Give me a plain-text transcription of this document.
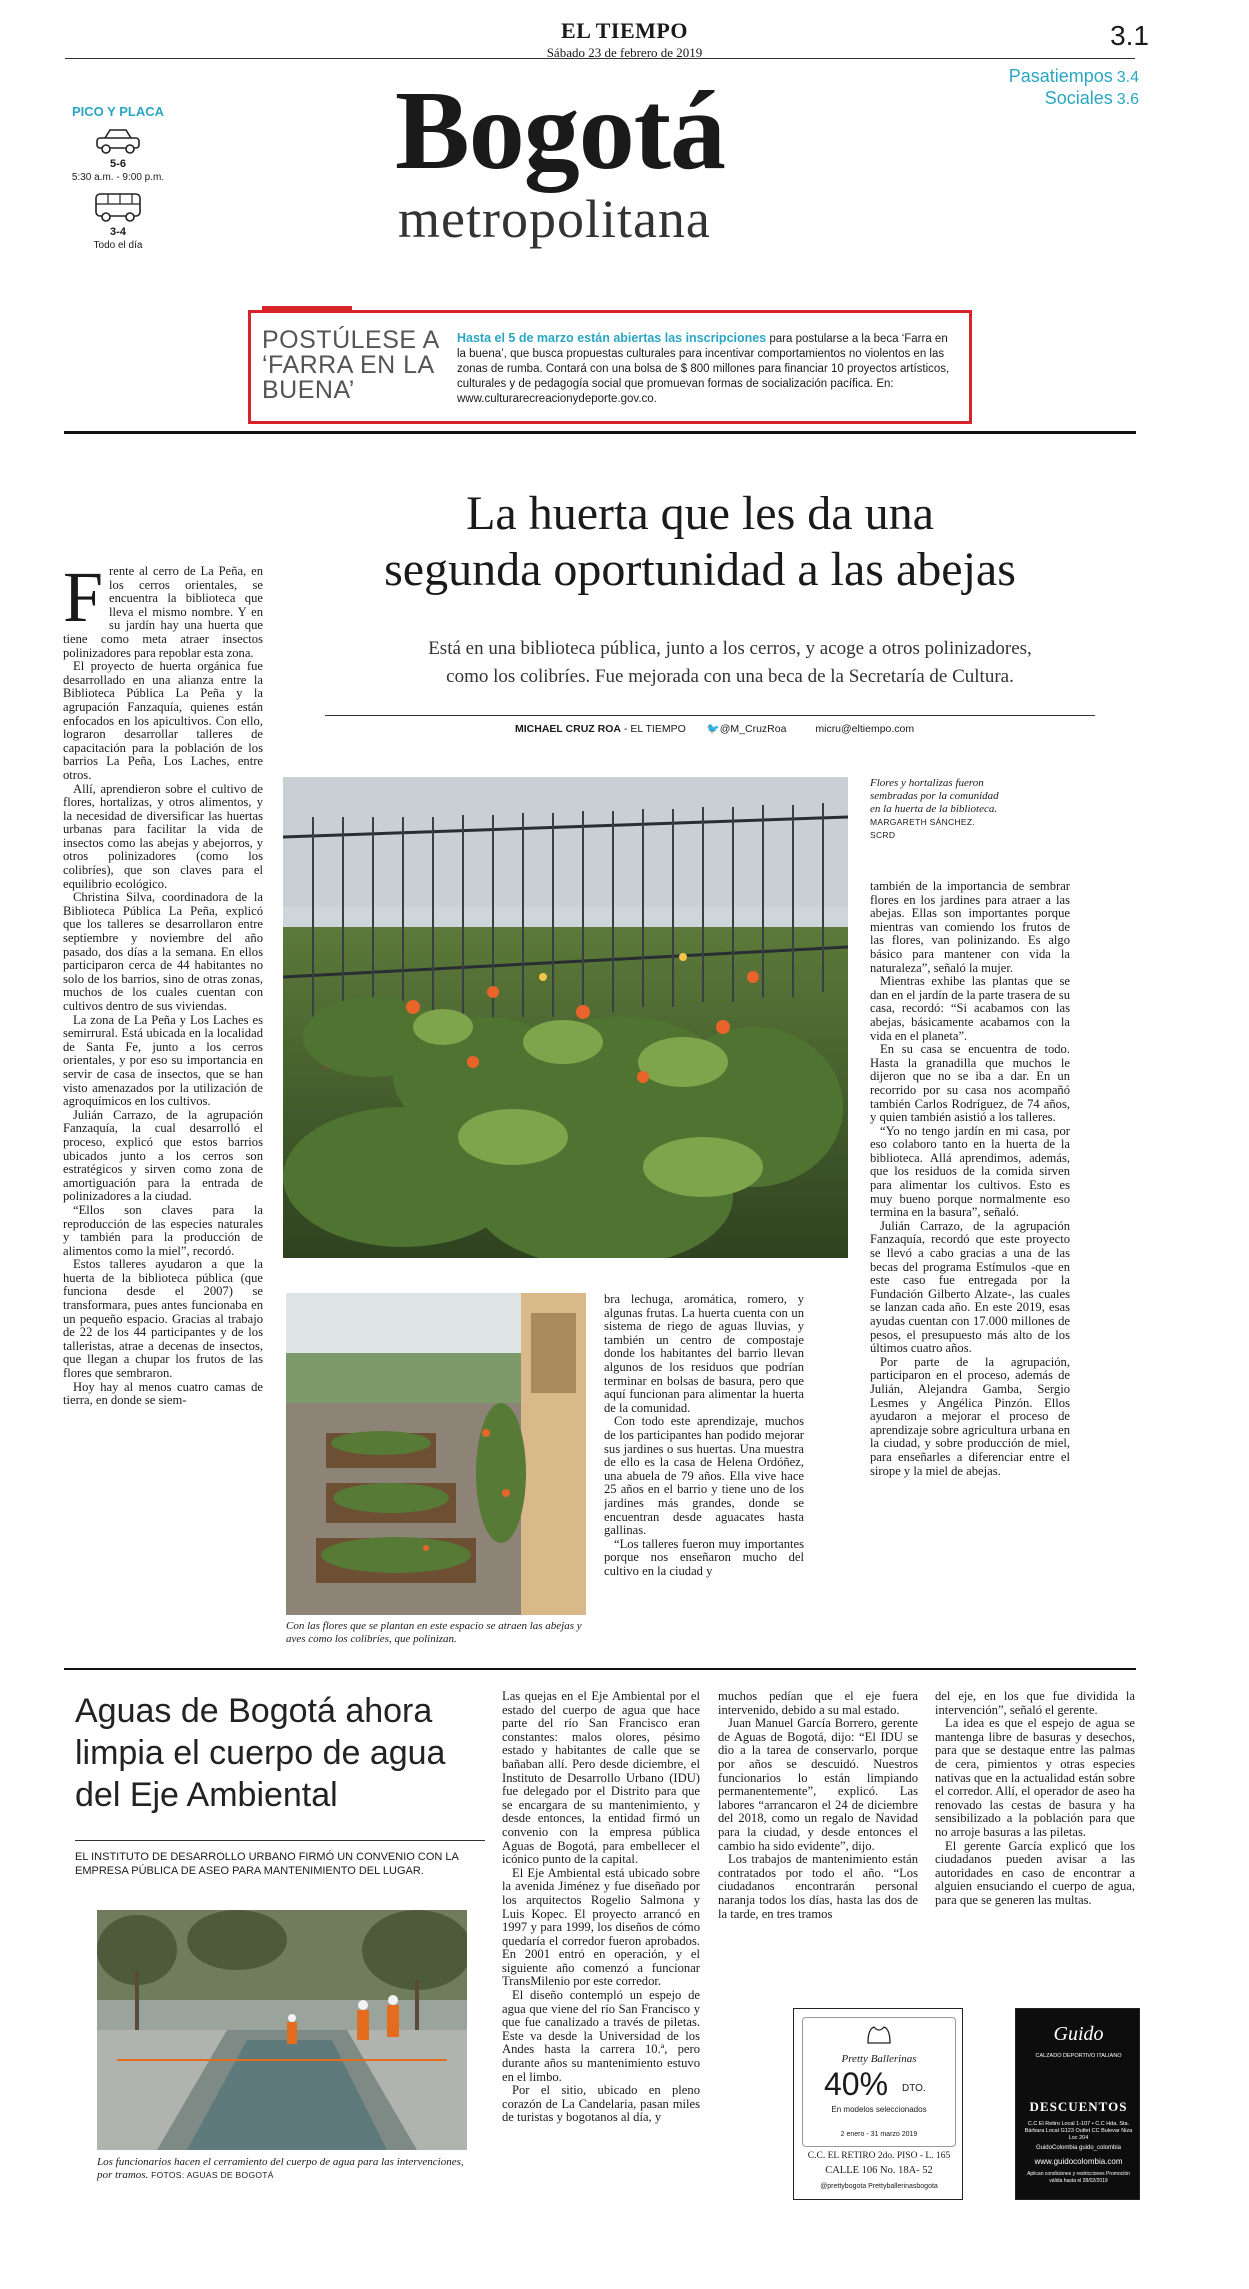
EL TIEMPO
Sábado 23 de febrero de 2019
3.1
Pasatiempos 3.4
Sociales 3.6
PICO Y PLACA
5-6
5:30 a.m. - 9:00 p.m.
3-4
Todo el día
Bogotá
metropolitana
POSTÚLESE A ‘FARRA EN LA BUENA’
Hasta el 5 de marzo están abiertas las inscripciones para postularse a la beca ‘Farra en la buena’, que busca propuestas culturales para incentivar comportamientos no violentos en las zonas de rumba. Contará con una bolsa de $ 800 millones para financiar 10 proyectos artísticos, culturales y de pedagogía social que promuevan formas de socialización pacífica. En: www.culturarecreacionydeporte.gov.co.
La huerta que les da una
segunda oportunidad a las abejas
Está en una biblioteca pública, junto a los cerros, y acoge a otros polinizadores,
como los colibríes. Fue mejorada con una beca de la Secretaría de Cultura.
MICHAEL CRUZ ROA - EL TIEMPO 🐦@M_CruzRoa	micru@eltiempo.com

Frente al cerro de La Peña, en los cerros orientales, se encuentra la biblioteca que lleva el mismo nombre. Y en su jardín hay una huerta que tiene como meta atraer insectos polinizadores para repoblar esta zona.

El proyecto de huerta orgánica fue desarrollado en una alianza entre la Biblioteca Pública La Peña y la agrupación Fanzaquía, quienes están enfocados en los apicultivos. Con ello, lograron desarrollar talleres de capacitación para la población de los barrios La Peña, Los Laches, entre otros.

Allí, aprendieron sobre el cultivo de flores, hortalizas, y otros alimentos, y la necesidad de diversificar las huertas urbanas para facilitar la vida de insectos como las abejas y abejorros, y otros polinizadores (como los colibríes), que son claves para el equilibrio ecológico.

Christina Silva, coordinadora de la Biblioteca Pública La Peña, explicó que los talleres se desarrollaron entre septiembre y noviembre del año pasado, dos días a la semana. En ellos participaron cerca de 44 habitantes no solo de los barrios, sino de otras zonas, muchos de los cuales cuentan con cultivos dentro de sus viviendas.

La zona de La Peña y Los Laches es semirrural. Está ubicada en la localidad de Santa Fe, junto a los cerros orientales, y por eso su importancia en servir de casa de insectos, que se han visto amenazados por la utilización de agroquímicos en los cultivos.

Julián Carrazo, de la agrupación Fanzaquía, la cual desarrolló el proceso, explicó que estos barrios ubicados junto a los cerros son estratégicos y sirven como zona de amortiguación para la entrada de polinizadores a la ciudad.

“Ellos son claves para la reproducción de las especies naturales y también para la producción de alimentos como la miel”, recordó.

Estos talleres ayudaron a que la huerta de la biblioteca pública (que funciona desde el 2007) se transformara, pues antes funcionaba en un pequeño espacio. Gracias al trabajo de 22 de los 44 participantes y de los talleristas, atrae a decenas de insectos, que llegan a chupar los frutos de las flores que sembraron.

Hoy hay al menos cuatro camas de tierra, en donde se siem-

Flores y hortalizas fueron sembradas por la comunidad en la huerta de la biblioteca.
MARGARETH SÁNCHEZ. SCRD
Con las flores que se plantan en este espacio se atraen las abejas y aves como los colibríes, que polinizan.

bra lechuga, aromática, romero, y algunas frutas. La huerta cuenta con un sistema de riego de aguas lluvias, y también un centro de compostaje donde los habitantes del barrio llevan algunos de los residuos que podrían terminar en bolsas de basura, pero que aquí funcionan para alimentar la huerta de la comunidad.

Con todo este aprendizaje, muchos de los participantes han podido mejorar sus jardines o sus huertas. Una muestra de ello es la casa de Helena Ordóñez, una abuela de 79 años. Ella vive hace 25 años en el barrio y tiene uno de los jardines más grandes, donde se encuentran desde aguacates hasta gallinas.

“Los talleres fueron muy importantes porque nos enseñaron mucho del cultivo en la ciudad y

también de la importancia de sembrar flores en los jardines para atraer a las abejas. Ellas son importantes porque mientras van comiendo los frutos de las flores, van polinizando. Es algo básico para mantener con vida la naturaleza”, señaló la mujer.

Mientras exhibe las plantas que se dan en el jardín de la parte trasera de su casa, recordó: “Si acabamos con las abejas, básicamente acabamos con la vida en el planeta”.

En su casa se encuentra de todo. Hasta la granadilla que muchos le dijeron que no se iba a dar. En un recorrido por su casa nos acompañó también Carlos Rodríguez, de 74 años, y quien también asistió a los talleres.

“Yo no tengo jardín en mi casa, por eso colaboro tanto en la huerta de la biblioteca. Allá aprendimos, además, que los residuos de la comida sirven para alimentar los cultivos. Esto es muy bueno porque normalmente eso termina en la basura”, señaló.

Julián Carrazo, de la agrupación Fanzaquía, recordó que este proyecto se llevó a cabo gracias a una de las becas del programa Estímulos -que en este caso fue entregada por la Fundación Gilberto Alzate-, las cuales se lanzan cada año. En este 2019, esas ayudas cuentan con 17.000 millones de pesos, el presupuesto más alto de los últimos cuatro años.

Por parte de la agrupación, participaron en el proceso, además de Julián, Alejandra Gamba, Sergio Lesmes y Angélica Pinzón. Ellos ayudaron a mejorar el proceso de aprendizaje sobre agricultura urbana en la ciudad, y sobre producción de miel, para enseñarles a diferenciar entre el sirope y la miel de abejas.

Aguas de Bogotá ahora limpia el cuerpo de agua del Eje Ambiental
EL INSTITUTO DE DESARROLLO URBANO FIRMÓ UN CONVENIO CON LA EMPRESA PÚBLICA DE ASEO PARA MANTENIMIENTO DEL LUGAR.
Los funcionarios hacen el cerramiento del cuerpo de agua para las intervenciones, por tramos. FOTOS: AGUAS DE BOGOTÁ

Las quejas en el Eje Ambiental por el estado del cuerpo de agua que hace parte del río San Francisco eran constantes: malos olores, pésimo estado y habitantes de calle que se bañaban allí. Pero desde diciembre, el Instituto de Desarrollo Urbano (IDU) fue delegado por el Distrito para que se encargara de su mantenimiento, y desde entonces, la entidad firmó un convenio con la empresa pública Aguas de Bogotá, para embellecer el icónico punto de la capital.

El Eje Ambiental está ubicado sobre la avenida Jiménez y fue diseñado por los arquitectos Rogelio Salmona y Luis Kopec. El proyecto arrancó en 1997 y para 1999, los diseños de cómo quedaría el corredor fueron aprobados. En 2001 entró en operación, y el siguiente año comenzó a funcionar TransMilenio por este corredor.

El diseño contempló un espejo de agua que viene del río San Francisco y que fue canalizado a través de piletas. Este va desde la Universidad de los Andes hasta la carrera 10.ª, pero durante años su mantenimiento estuvo en el limbo.

Por el sitio, ubicado en pleno corazón de La Candelaria, pasan miles de turistas y bogotanos al día, y

muchos pedían que el eje fuera intervenido, debido a su mal estado.

Juan Manuel García Borrero, gerente de Aguas de Bogotá, dijo: “El IDU se dio a la tarea de conservarlo, porque por años se descuidó. Nuestros funcionarios lo están limpiando permanentemente”, explicó. Las labores “arrancaron el 24 de diciembre del 2018, como un regalo de Navidad para la ciudad, y desde entonces el cambio ha sido evidente”, dijo.

Los trabajos de mantenimiento están contratados por todo el año. “Los ciudadanos encontrarán personal naranja todos los días, hasta las dos de la tarde, en tres tramos

del eje, en los que fue dividida la intervención”, señaló el gerente.

La idea es que el espejo de agua se mantenga libre de basuras y desechos, para que se destaque entre las palmas de cera, pimientos y otras especies nativas que en la actualidad están sobre el corredor. Allí, el operador de aseo ha renovado las cestas de basura y ha sensibilizado a la población para que no arroje basuras a las piletas.

El gerente García explicó que los ciudadanos pueden avisar a las autoridades en caso de encontrar a alguien ensuciando el cuerpo de agua, para que se generen las multas.

Pretty Ballerinas
40% DTO.
En modelos seleccionados
2 enero - 31 marzo 2019
C.C. EL RETIRO 2do. PISO - L. 165
CALLE 106 No. 18A- 52
@prettybogota Prettyballerinasbogota
Guido
CALZADO DEPORTIVO ITALIANO
DESCUENTOS
C.C El Retiro Local 1-107 • C.C Hda. Sta. Bárbara Local G123 Outlet CC Bulevar Niza Loc 204
GuidoColombia guido_colombia
www.guidocolombia.com
Aplican condiciones y restricciones Promoción válida hasta el 28/02/2019
